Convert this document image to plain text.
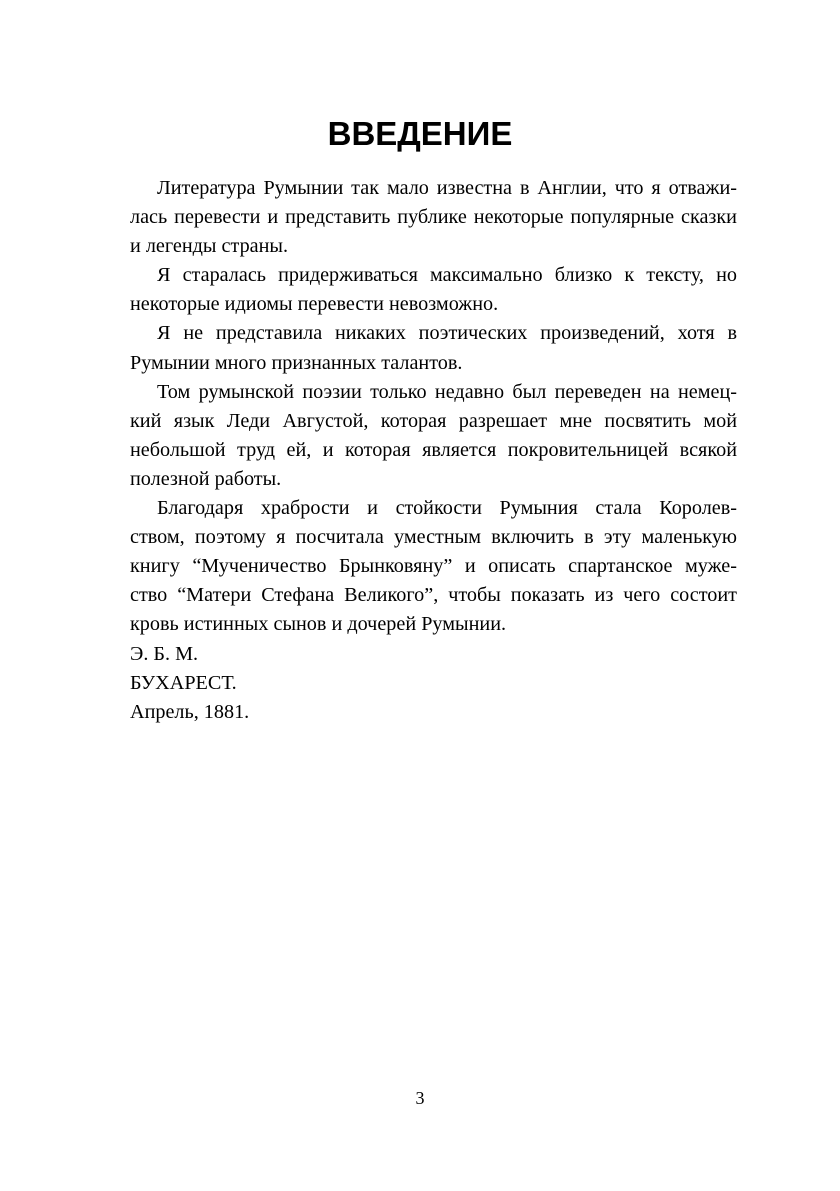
ВВЕДЕНИЕ
Литература Румынии так мало известна в Англии, что я отважи-
лась перевести и представить публике некоторые популярные сказки
и легенды страны.
Я старалась придерживаться максимально близко к тексту, но
некоторые идиомы перевести невозможно.
Я не представила никаких поэтических произведений, хотя в
Румынии много признанных талантов.
Том румынской поэзии только недавно был переведен на немец-
кий язык Леди Августой, которая разрешает мне посвятить мой
небольшой труд ей, и которая является покровительницей всякой
полезной работы.
Благодаря храбрости и стойкости Румыния стала Королев-
ством, поэтому я посчитала уместным включить в эту маленькую
книгу “Мученичество Брынковяну” и описать спартанское муже-
ство “Матери Стефана Великого”, чтобы показать из чего состоит
кровь истинных сынов и дочерей Румынии.
Э. Б. М.
БУХАРЕСТ.
Апрель, 1881.
3
